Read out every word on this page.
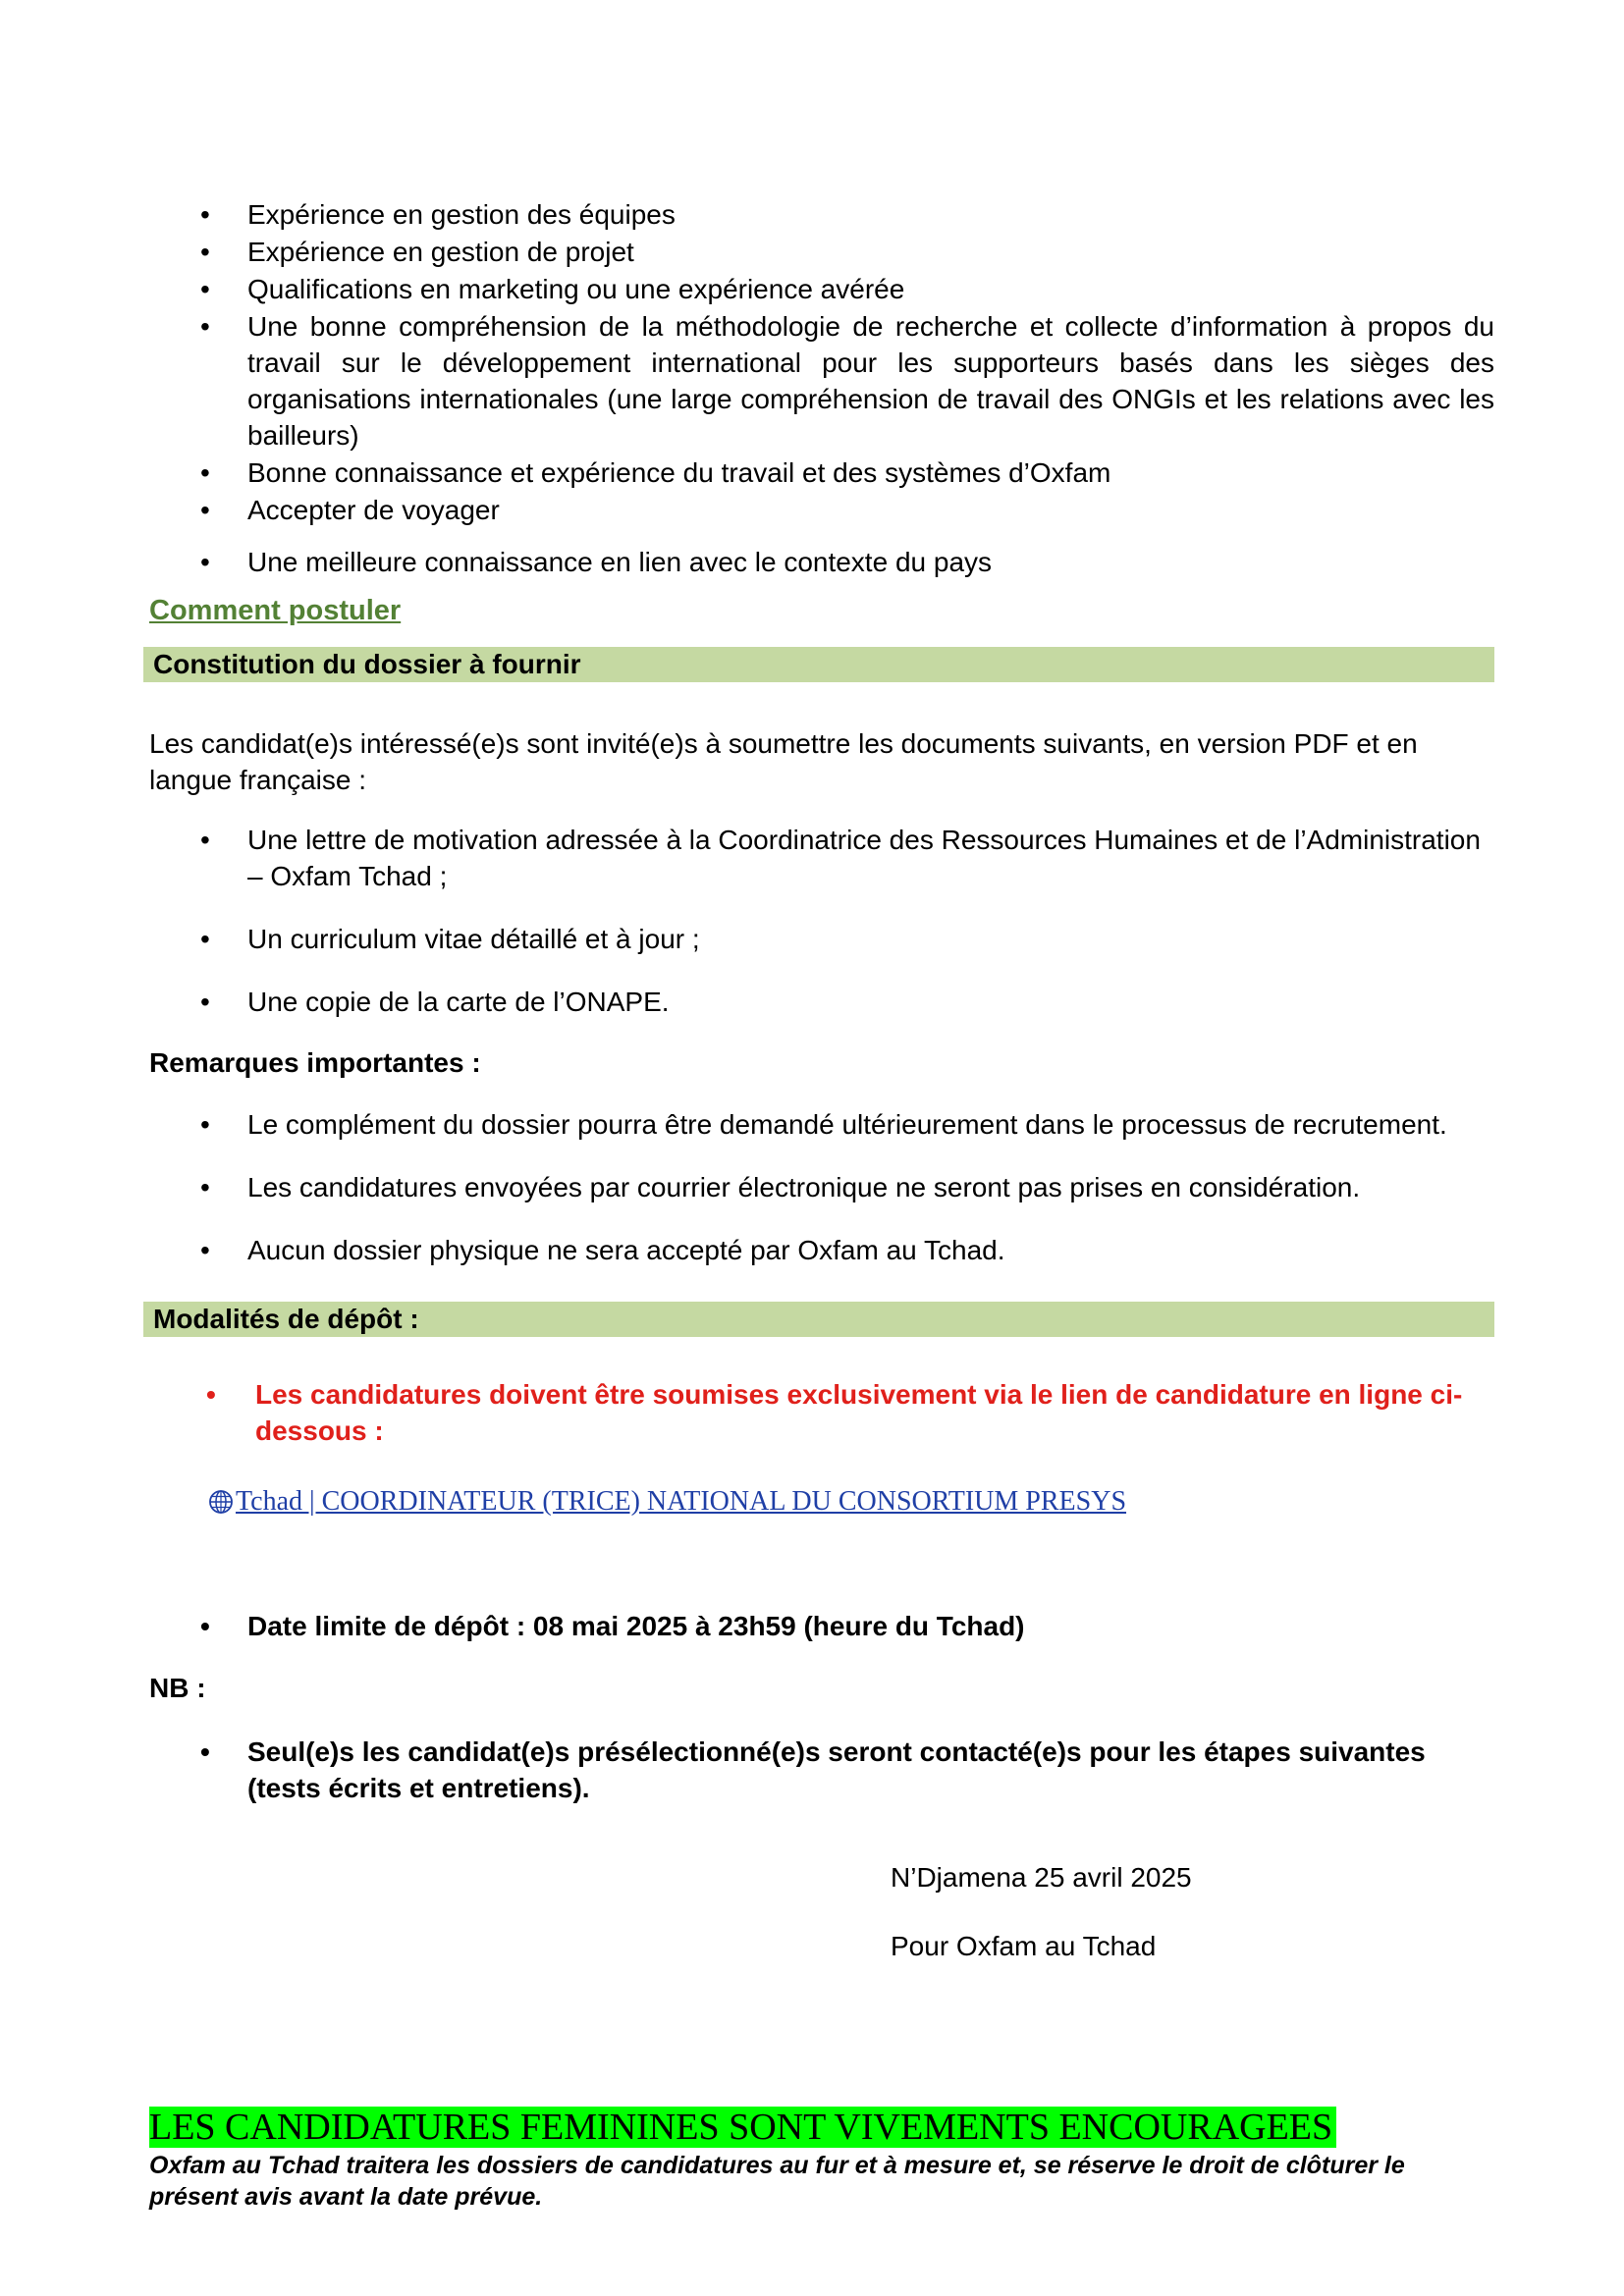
• Expérience en gestion des équipes
• Expérience en gestion de projet
• Qualifications en marketing ou une expérience avérée
• Une bonne compréhension de la méthodologie de recherche et collecte d’information à propos du travail sur le développement international pour les supporteurs basés dans les sièges des organisations internationales (une large compréhension de travail des ONGIs et les relations avec les bailleurs)
• Bonne connaissance et expérience du travail et des systèmes d’Oxfam
• Accepter de voyager
• Une meilleure connaissance en lien avec le contexte du pays
Comment postuler
Constitution du dossier à fournir
Les candidat(e)s intéressé(e)s sont invité(e)s à soumettre les documents suivants, en version PDF et en langue française :
• Une lettre de motivation adressée à la Coordinatrice des Ressources Humaines et de l’Administration – Oxfam Tchad ;
• Un curriculum vitae détaillé et à jour ;
• Une copie de la carte de l’ONAPE.
Remarques importantes :
• Le complément du dossier pourra être demandé ultérieurement dans le processus de recrutement.
• Les candidatures envoyées par courrier électronique ne seront pas prises en considération.
• Aucun dossier physique ne sera accepté par Oxfam au Tchad.
Modalités de dépôt :
• Les candidatures doivent être soumises exclusivement via le lien de candidature en ligne ci-dessous :
Tchad | COORDINATEUR (TRICE) NATIONAL DU CONSORTIUM PRESYS
• Date limite de dépôt : 08 mai 2025 à 23h59 (heure du Tchad)
NB :
• Seul(e)s les candidat(e)s présélectionné(e)s seront contacté(e)s pour les étapes suivantes (tests écrits et entretiens).
N’Djamena 25 avril 2025
Pour Oxfam au Tchad
LES CANDIDATURES FEMININES SONT VIVEMENTS ENCOURAGEES
Oxfam au Tchad traitera les dossiers de candidatures au fur et à mesure et, se réserve le droit de clôturer le présent avis avant la date prévue.
